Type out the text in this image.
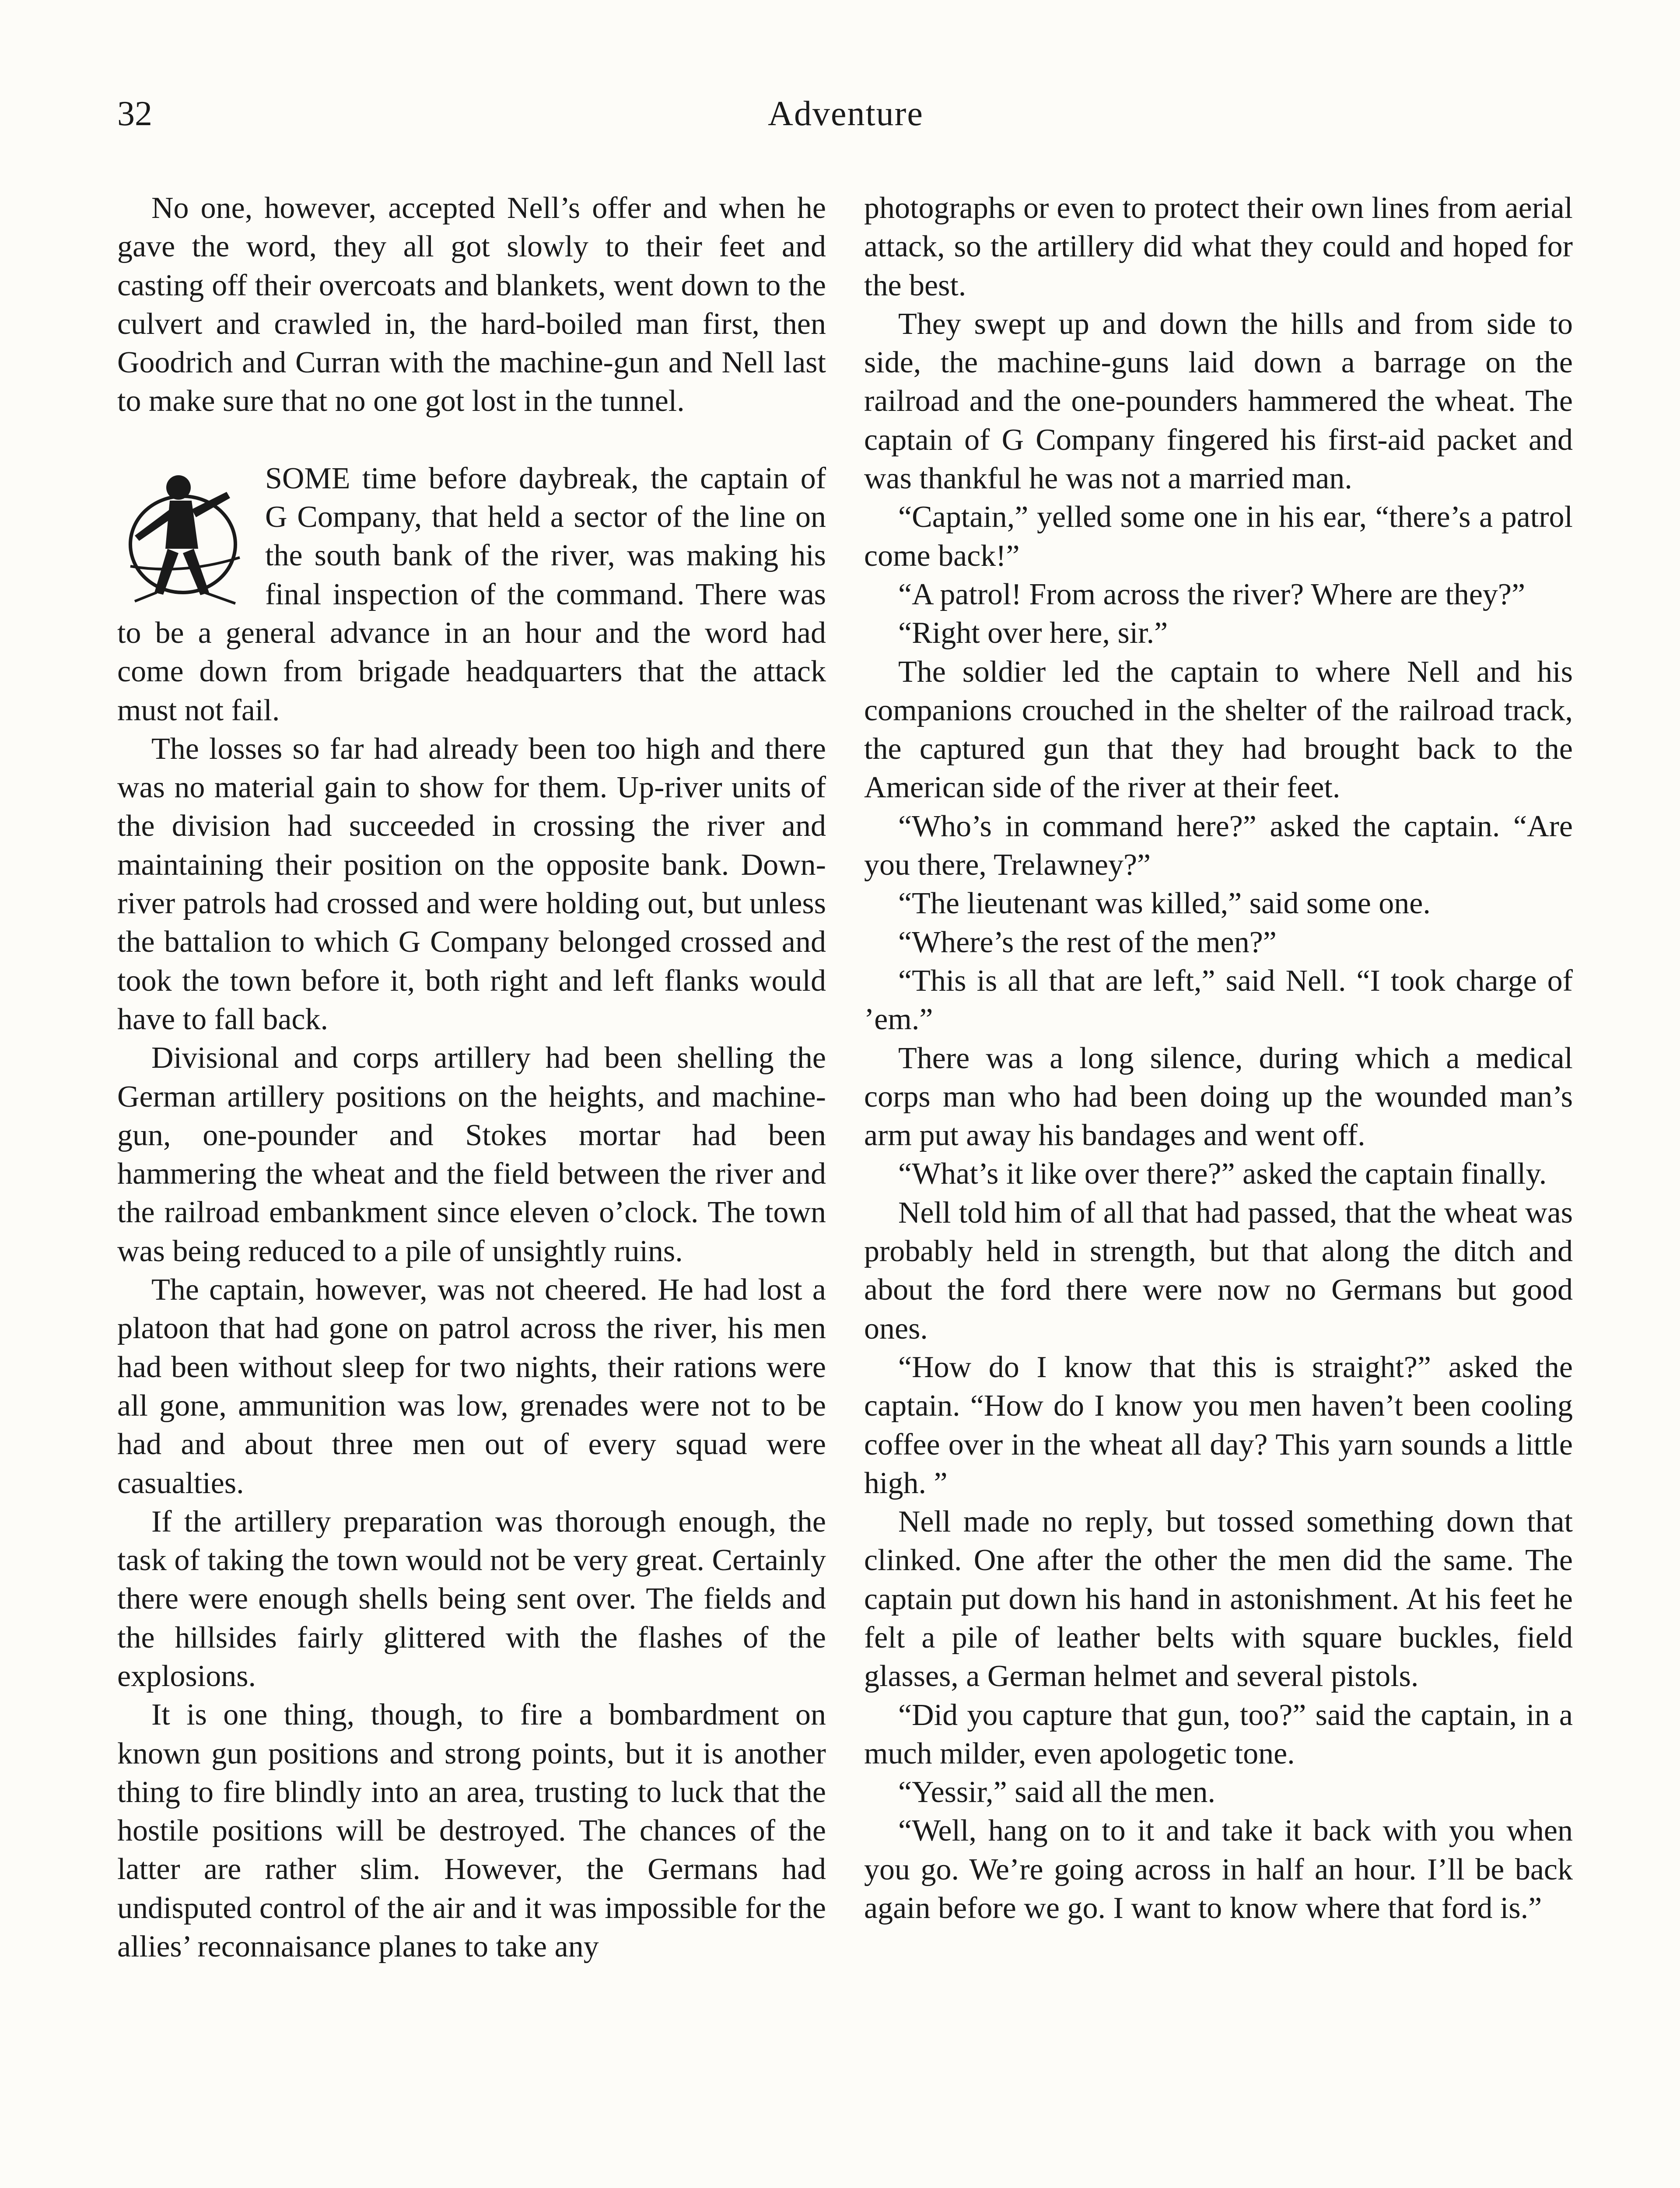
32	Adventure

No one, however, accepted Nell’s offer and when he gave the word, they all got slowly to their feet and casting off their overcoats and blankets, went down to the culvert and crawled in, the hard-boiled man first, then Goodrich and Curran with the machine-gun and Nell last to make sure that no one got lost in the tunnel.

SOME time before daybreak, the captain of G Company, that held a sector of the line on the south bank of the river, was making his final inspection of the command. There was to be a general advance in an hour and the word had come down from brigade headquarters that the attack must not fail.

The losses so far had already been too high and there was no material gain to show for them. Up-river units of the division had succeeded in crossing the river and maintaining their position on the opposite bank. Down-river patrols had crossed and were holding out, but unless the battalion to which G Company belonged crossed and took the town before it, both right and left flanks would have to fall back.

Divisional and corps artillery had been shelling the German artillery positions on the heights, and machine-gun, one-pounder and Stokes mortar had been hammering the wheat and the field between the river and the railroad embankment since eleven o’clock. The town was being reduced to a pile of unsightly ruins.

The captain, however, was not cheered. He had lost a platoon that had gone on patrol across the river, his men had been without sleep for two nights, their rations were all gone, ammunition was low, grenades were not to be had and about three men out of every squad were casualties.

If the artillery preparation was thorough enough, the task of taking the town would not be very great. Certainly there were enough shells being sent over. The fields and the hillsides fairly glittered with the flashes of the explosions.

It is one thing, though, to fire a bombardment on known gun positions and strong points, but it is another thing to fire blindly into an area, trusting to luck that the hostile positions will be destroyed. The chances of the latter are rather slim. However, the Germans had undisputed control of the air and it was impossible for the allies’ reconnaisance planes to take any

photographs or even to protect their own lines from aerial attack, so the artillery did what they could and hoped for the best.

They swept up and down the hills and from side to side, the machine-guns laid down a barrage on the railroad and the one-pounders hammered the wheat. The captain of G Company fingered his first-aid packet and was thankful he was not a married man.

“Captain,” yelled some one in his ear, “there’s a patrol come back!”

“A patrol! From across the river? Where are they?”

“Right over here, sir.”

The soldier led the captain to where Nell and his companions crouched in the shelter of the railroad track, the captured gun that they had brought back to the American side of the river at their feet.

“Who’s in command here?” asked the captain. “Are you there, Trelawney?”

“The lieutenant was killed,” said some one.

“Where’s the rest of the men?”

“This is all that are left,” said Nell. “I took charge of ’em.”

There was a long silence, during which a medical corps man who had been doing up the wounded man’s arm put away his bandages and went off.

“What’s it like over there?” asked the captain finally.

Nell told him of all that had passed, that the wheat was probably held in strength, but that along the ditch and about the ford there were now no Germans but good ones.

“How do I know that this is straight?” asked the captain. “How do I know you men haven’t been cooling coffee over in the wheat all day? This yarn sounds a little high. ”

Nell made no reply, but tossed something down that clinked. One after the other the men did the same. The captain put down his hand in astonishment. At his feet he felt a pile of leather belts with square buckles, field glasses, a German helmet and several pistols.

“Did you capture that gun, too?” said the captain, in a much milder, even apologetic tone.

“Yessir,” said all the men.

“Well, hang on to it and take it back with you when you go. We’re going across in half an hour. I’ll be back again before we go. I want to know where that ford is.”
